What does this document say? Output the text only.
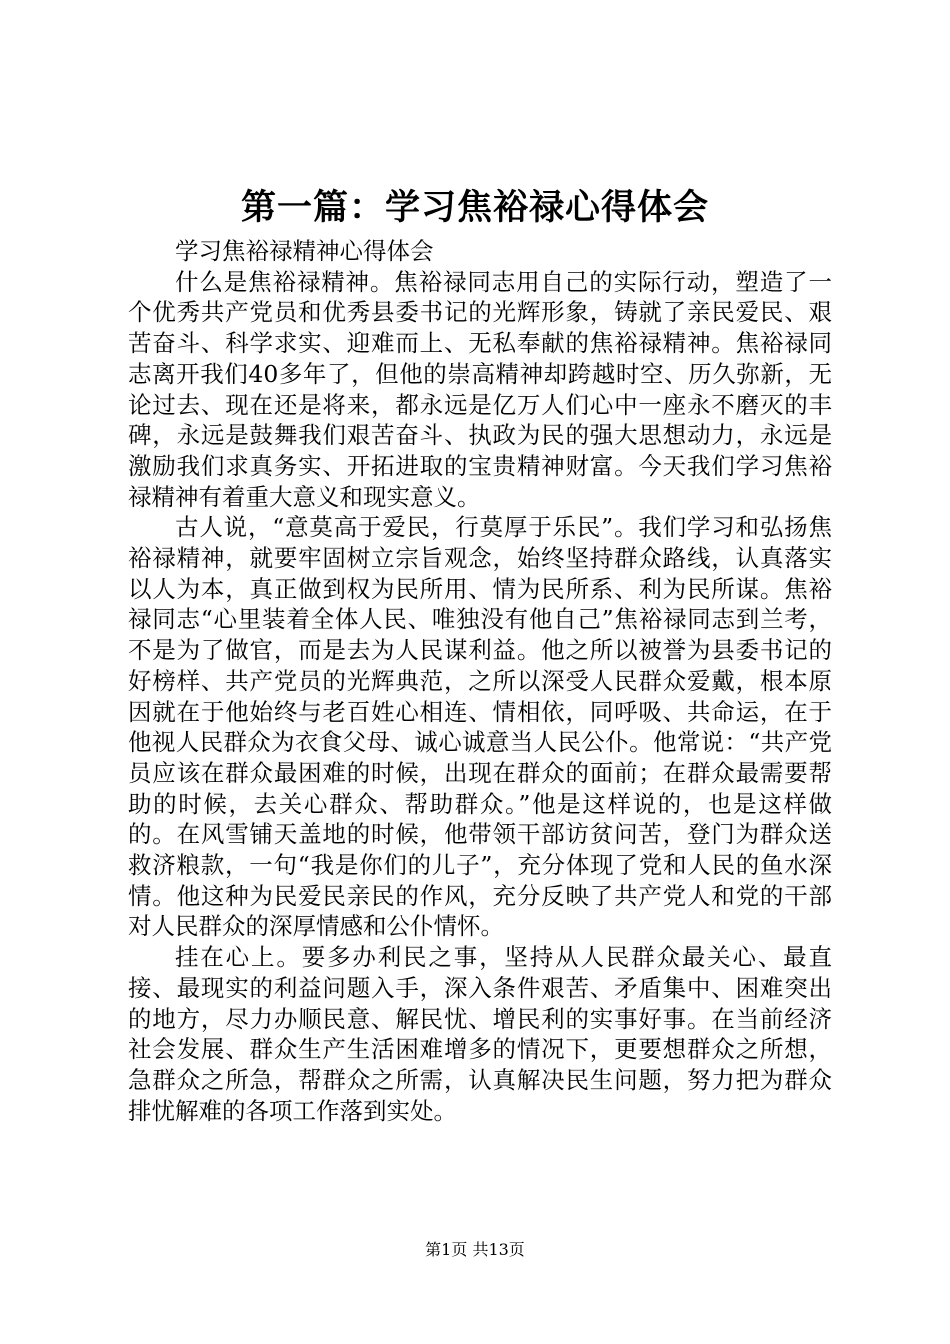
第一篇：学习焦裕禄心得体会

学习焦裕禄精神心得体会

什么是焦裕禄精神。焦裕禄同志用自己的实际行动，塑造了一个优秀共产党员和优秀县委书记的光辉形象，铸就了亲民爱民、艰苦奋斗、科学求实、迎难而上、无私奉献的焦裕禄精神。焦裕禄同志离开我们40多年了，但他的崇高精神却跨越时空、历久弥新，无论过去、现在还是将来，都永远是亿万人们心中一座永不磨灭的丰碑，永远是鼓舞我们艰苦奋斗、执政为民的强大思想动力，永远是激励我们求真务实、开拓进取的宝贵精神财富。今天我们学习焦裕禄精神有着重大意义和现实意义。

古人说，“意莫高于爱民，行莫厚于乐民”。我们学习和弘扬焦裕禄精神，就要牢固树立宗旨观念，始终坚持群众路线，认真落实以人为本，真正做到权为民所用、情为民所系、利为民所谋。焦裕禄同志“心里装着全体人民、唯独没有他自己”焦裕禄同志到兰考，不是为了做官，而是去为人民谋利益。他之所以被誉为县委书记的好榜样、共产党员的光辉典范，之所以深受人民群众爱戴，根本原因就在于他始终与老百姓心相连、情相依，同呼吸、共命运，在于他视人民群众为衣食父母、诚心诚意当人民公仆。他常说：“共产党员应该在群众最困难的时候，出现在群众的面前；在群众最需要帮助的时候，去关心群众、帮助群众。”他是这样说的，也是这样做的。在风雪铺天盖地的时候，他带领干部访贫问苦，登门为群众送救济粮款，一句“我是你们的儿子”，充分体现了党和人民的鱼水深情。他这种为民爱民亲民的作风，充分反映了共产党人和党的干部对人民群众的深厚情感和公仆情怀。

挂在心上。要多办利民之事，坚持从人民群众最关心、最直接、最现实的利益问题入手，深入条件艰苦、矛盾集中、困难突出的地方，尽力办顺民意、解民忧、增民利的实事好事。在当前经济社会发展、群众生产生活困难增多的情况下，更要想群众之所想，急群众之所急，帮群众之所需，认真解决民生问题，努力把为群众排忧解难的各项工作落到实处。

第1页 共13页
